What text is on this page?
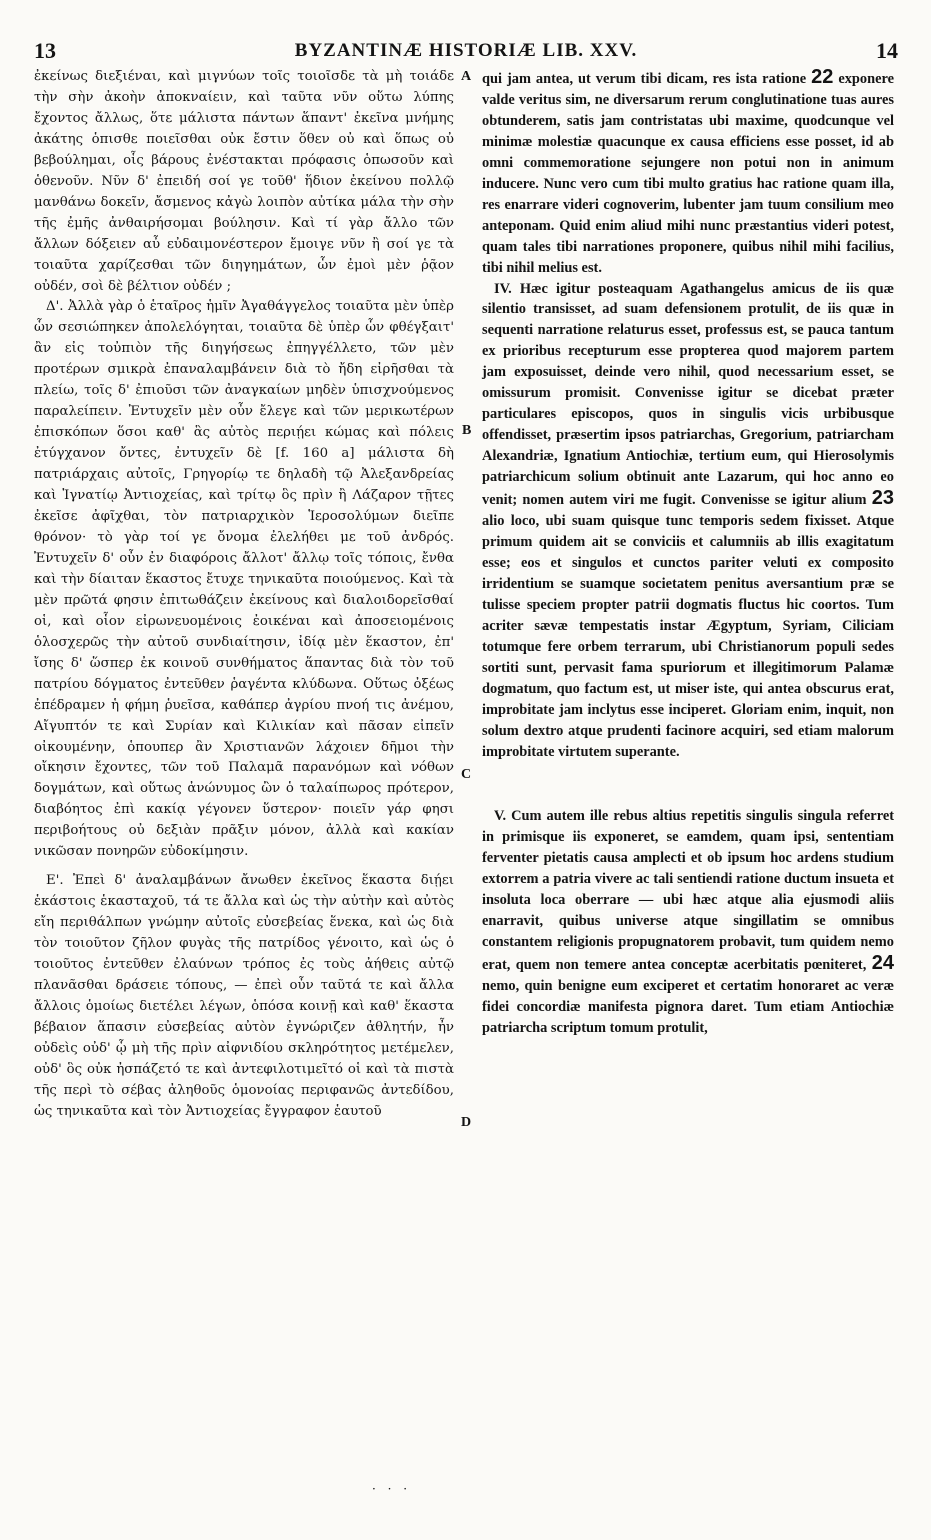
13	BYZANTINÆ HISTORIÆ LIB. XXV.	14

ἐκείνως διεξιέναι, καὶ μιγνύων τοῖς τοιοῖσδε τὰ μὴ τοιάδε τὴν σὴν ἀκοὴν ἀποκναίειν, καὶ ταῦτα νῦν οὕτω λύπης ἔχοντος ἄλλως, ὅτε μάλιστα πάντων ἅπαντ' ἐκεῖνα μνήμης ἀκάτης ὁπισθε ποιεῖσθαι οὐκ ἔστιν ὅθεν οὐ καὶ ὅπως οὐ βεβούλημαι, οἷς βάρους ἐνέστακται πρόφασις ὁπωσοῦν καὶ ὁθενοῦν. Νῦν δ' ἐπειδή σοί γε τοῦθ' ἥδιον ἐκείνου πολλῷ μανθάνω δοκεῖν, ἄσμενος κἀγὼ λοιπὸν αὐτίκα μάλα τὴν σὴν τῆς ἐμῆς ἀνθαιρήσομαι βούλησιν. Καὶ τί γὰρ ἄλλο τῶν ἄλλων δόξειεν αὖ εὐδαιμονέστερον ἔμοιγε νῦν ἢ σοί γε τὰ τοιαῦτα χαρίζεσθαι τῶν διηγημάτων, ὧν ἐμοὶ μὲν ῥᾷον οὐδέν, σοὶ δὲ βέλτιον οὐδέν ;

Δ'. Ἀλλὰ γὰρ ὁ ἑταῖρος ἡμῖν Ἀγαθάγγελος τοιαῦτα μὲν ὑπὲρ ὧν σεσιώπηκεν ἀπολελόγηται, τοιαῦτα δὲ ὑπὲρ ὧν φθέγξαιτ' ἂν εἰς τοὐπιὸν τῆς διηγήσεως ἐπηγγέλλετο, τῶν μὲν προτέρων σμικρὰ ἐπαναλαμβάνειν διὰ τὸ ἤδη εἰρῆσθαι τὰ πλείω, τοῖς δ' ἐπιοῦσι τῶν ἀναγκαίων μηδὲν ὑπισχνούμενος παραλείπειν. Ἐντυχεῖν μὲν οὖν ἔλεγε καὶ τῶν μερικωτέρων ἐπισκόπων ὅσοι καθ' ἃς αὐτὸς περιῄει κώμας καὶ πόλεις ἐτύγχανον ὄντες, ἐντυχεῖν δὲ [f. 160 a] μάλιστα δὴ πατριάρχαις αὐτοῖς, Γρηγορίῳ τε δηλαδὴ τῷ Ἀλεξανδρείας καὶ Ἰγνατίῳ Ἀντιοχείας, καὶ τρίτῳ ὃς πρὶν ἢ Λάζαρον τῇτες ἐκεῖσε ἀφῖχθαι, τὸν πατριαρχικὸν Ἱεροσολύμων διεῖπε θρόνον· τὸ γὰρ τοί γε ὄνομα ἐλελήθει με τοῦ ἀνδρός. Ἐντυχεῖν δ' οὖν ἐν διαφόροις ἄλλοτ' ἄλλῳ τοῖς τόποις, ἔνθα καὶ τὴν δίαιταν ἕκαστος ἔτυχε τηνικαῦτα ποιούμενος. Καὶ τὰ μὲν πρῶτά φησιν ἐπιτωθάζειν ἐκείνους καὶ διαλοιδορεῖσθαί οἱ, καὶ οἷον εἰρωνευομένοις ἐοικέναι καὶ ἀποσειομένοις ὁλοσχερῶς τὴν αὐτοῦ συνδιαίτησιν, ἰδίᾳ μὲν ἕκαστον, ἐπ' ἴσης δ' ὥσπερ ἐκ κοινοῦ συνθήματος ἅπαντας διὰ τὸν τοῦ πατρίου δόγματος ἐντεῦθεν ῥαγέντα κλύδωνα. Οὕτως ὀξέως ἐπέδραμεν ἡ φήμη ῥυεῖσα, καθάπερ ἀγρίου πνοή τις ἀνέμου, Αἴγυπτόν τε καὶ Συρίαν καὶ Κιλικίαν καὶ πᾶσαν εἰπεῖν οἰκουμένην, ὁπουπερ ἂν Χριστιανῶν λάχοιεν δῆμοι τὴν οἴκησιν ἔχοντες, τῶν τοῦ Παλαμᾶ παρανόμων καὶ νόθων δογμάτων, καὶ οὕτως ἀνώνυμος ὢν ὁ ταλαίπωρος πρότερον, διαβόητος ἐπὶ κακίᾳ γέγονεν ὕστερον· ποιεῖν γάρ φησι περιβοήτους οὐ δεξιὰν πρᾶξιν μόνον, ἀλλὰ καὶ κακίαν νικῶσαν πονηρῶν εὐδοκίμησιν.

Ε'. Ἐπεὶ δ' ἀναλαμβάνων ἄνωθεν ἐκεῖνος ἕκαστα διῄει ἑκάστοις ἑκασταχοῦ, τά τε ἄλλα καὶ ὡς τὴν αὐτὴν καὶ αὐτὸς εἴη περιθάλπων γνώμην αὐτοῖς εὐσεβείας ἕνεκα, καὶ ὡς διὰ τὸν τοιοῦτον ζῆλον φυγὰς τῆς πατρίδος γένοιτο, καὶ ὡς ὁ τοιοῦτος ἐντεῦθεν ἐλαύνων τρόπος ἐς τοὺς ἀήθεις αὐτῷ πλανᾶσθαι δράσειε τόπους, — ἐπεὶ οὖν ταῦτά τε καὶ ἄλλα ἄλλοις ὁμοίως διετέλει λέγων, ὁπόσα κοινῇ καὶ καθ' ἕκαστα βέβαιον ἅπασιν εὐσεβείας αὐτὸν ἐγνώριζεν ἀθλητήν, ἦν οὐδεὶς οὐδ' ᾧ μὴ τῆς πρὶν αἰφνιδίου σκληρότητος μετέμελεν, οὐδ' ὃς οὐκ ἠσπάζετό τε καὶ ἀντεφιλοτιμεῖτό οἱ καὶ τὰ πιστὰ τῆς περὶ τὸ σέβας ἀληθοῦς ὁμονοίας περιφανῶς ἀντεδίδου, ὡς τηνικαῦτα καὶ τὸν Ἀντιοχείας ἔγγραφον ἑαυτοῦ

A
B
C
D

qui jam antea, ut verum tibi dicam, res ista ratione 22 exponere valde veritus sim, ne diversarum rerum conglutinatione tuas aures obtunderem, satis jam contristatas ubi maxime, quodcunque vel minimæ molestiæ quacunque ex causa efficiens esse posset, id ab omni commemoratione sejungere non potui non in animum inducere. Nunc vero cum tibi multo gratius hac ratione quam illa, res enarrare videri cognoverim, lubenter jam tuum consilium meo anteponam. Quid enim aliud mihi nunc præstantius videri potest, quam tales tibi narrationes proponere, quibus nihil mihi facilius, tibi nihil melius est.

IV. Hæc igitur posteaquam Agathangelus amicus de iis quæ silentio transisset, ad suam defensionem protulit, de iis quæ in sequenti narratione relaturus esset, professus est, se pauca tantum ex prioribus recepturum esse propterea quod majorem partem jam exposuisset, deinde vero nihil, quod necessarium esset, se omissurum promisit. Convenisse igitur se dicebat præter particulares episcopos, quos in singulis vicis urbibusque offendisset, præsertim ipsos patriarchas, Gregorium, patriarcham Alexandriæ, Ignatium Antiochiæ, tertium eum, qui Hierosolymis patriarchicum solium obtinuit ante Lazarum, qui hoc anno eo venit; nomen autem viri me fugit. Convenisse se igitur alium 23 alio loco, ubi suam quisque tunc temporis sedem fixisset. Atque primum quidem ait se conviciis et calumniis ab illis exagitatum esse; eos et singulos et cunctos pariter veluti ex composito irridentium se suamque societatem penitus aversantium præ se tulisse speciem propter patrii dogmatis fluctus hic coortos. Tum acriter sævæ tempestatis instar Ægyptum, Syriam, Ciliciam totumque fere orbem terrarum, ubi Christianorum populi sedes sortiti sunt, pervasit fama spuriorum et illegitimorum Palamæ dogmatum, quo factum est, ut miser iste, qui antea obscurus erat, improbitate jam inclytus esse inciperet. Gloriam enim, inquit, non solum dextro atque prudenti facinore acquiri, sed etiam malorum improbitate virtutem superante.

V. Cum autem ille rebus altius repetitis singulis singula referret in primisque iis exponeret, se eamdem, quam ipsi, sententiam ferventer pietatis causa amplecti et ob ipsum hoc ardens studium extorrem a patria vivere ac tali sentiendi ratione ductum insueta et insoluta loca oberrare — ubi hæc atque alia ejusmodi aliis enarravit, quibus universe atque singillatim se omnibus constantem religionis propugnatorem probavit, tum quidem nemo erat, quem non temere antea conceptæ acerbitatis pœniteret, 24 nemo, quin benigne eum exciperet et certatim honoraret ac veræ fidei concordiæ manifesta pignora daret. Tum etiam Antiochiæ patriarcha scriptum tomum protulit,

· · ·
